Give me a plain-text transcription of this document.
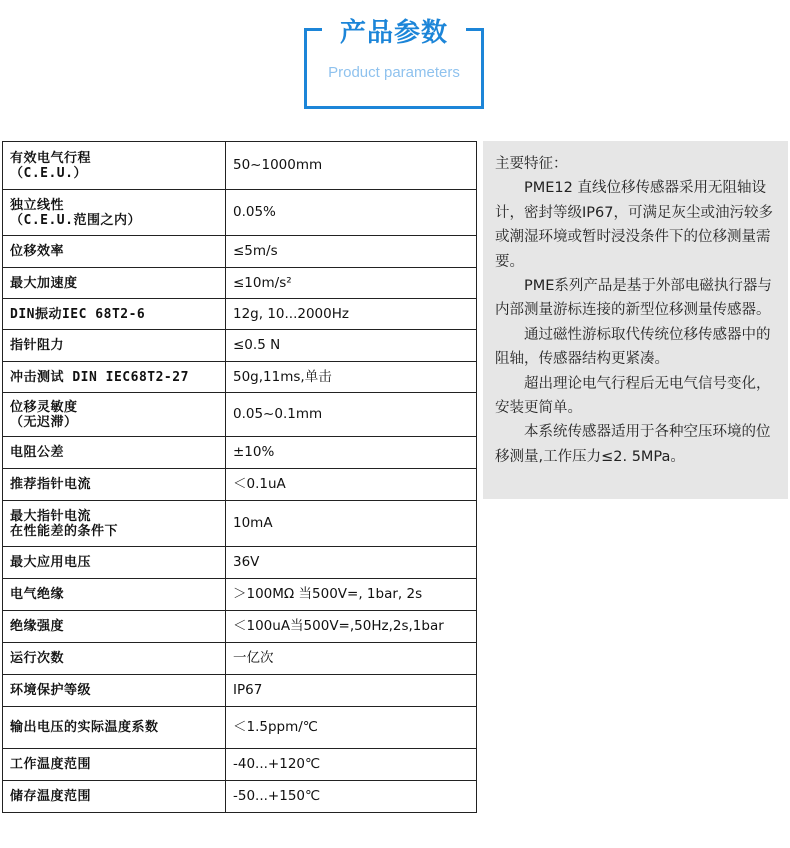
产品参数
Product parameters
有效电气行程
（C.E.U.）	50~1000mm

独立线性
（C.E.U.范围之内）	0.05%

位移效率	≤5m/s

最大加速度	≤10m/s²

DIN振动IEC 68T2-6	12g, 10...2000Hz

指针阻力	≤0.5 N

冲击测试 DIN IEC68T2-27	50g,11ms,单击

位移灵敏度
（无迟滞）	0.05~0.1mm

电阻公差	±10%

推荐指针电流	＜0.1uA

最大指针电流
在性能差的条件下	10mA

最大应用电压	36V

电气绝缘	＞100MΩ 当500V=, 1bar, 2s

绝缘强度	＜100uA当500V=,50Hz,2s,1bar

运行次数	一亿次

环境保护等级	IP67

输出电压的实际温度系数	＜1.5ppm/℃

工作温度范围	-40...+120℃

储存温度范围	-50...+150℃

主要特征：

PME12 直线位移传感器采用无阻轴设计，密封等级IP67，可满足灰尘或油污较多或潮湿环境或暂时浸没条件下的位移测量需要。

PME系列产品是基于外部电磁执行器与内部测量游标连接的新型位移测量传感器。

通过磁性游标取代传统位移传感器中的阻轴，传感器结构更紧凑。

超出理论电气行程后无电气信号变化，安装更简单。

本系统传感器适用于各种空压环境的位移测量,工作压力≤2. 5MPa。
